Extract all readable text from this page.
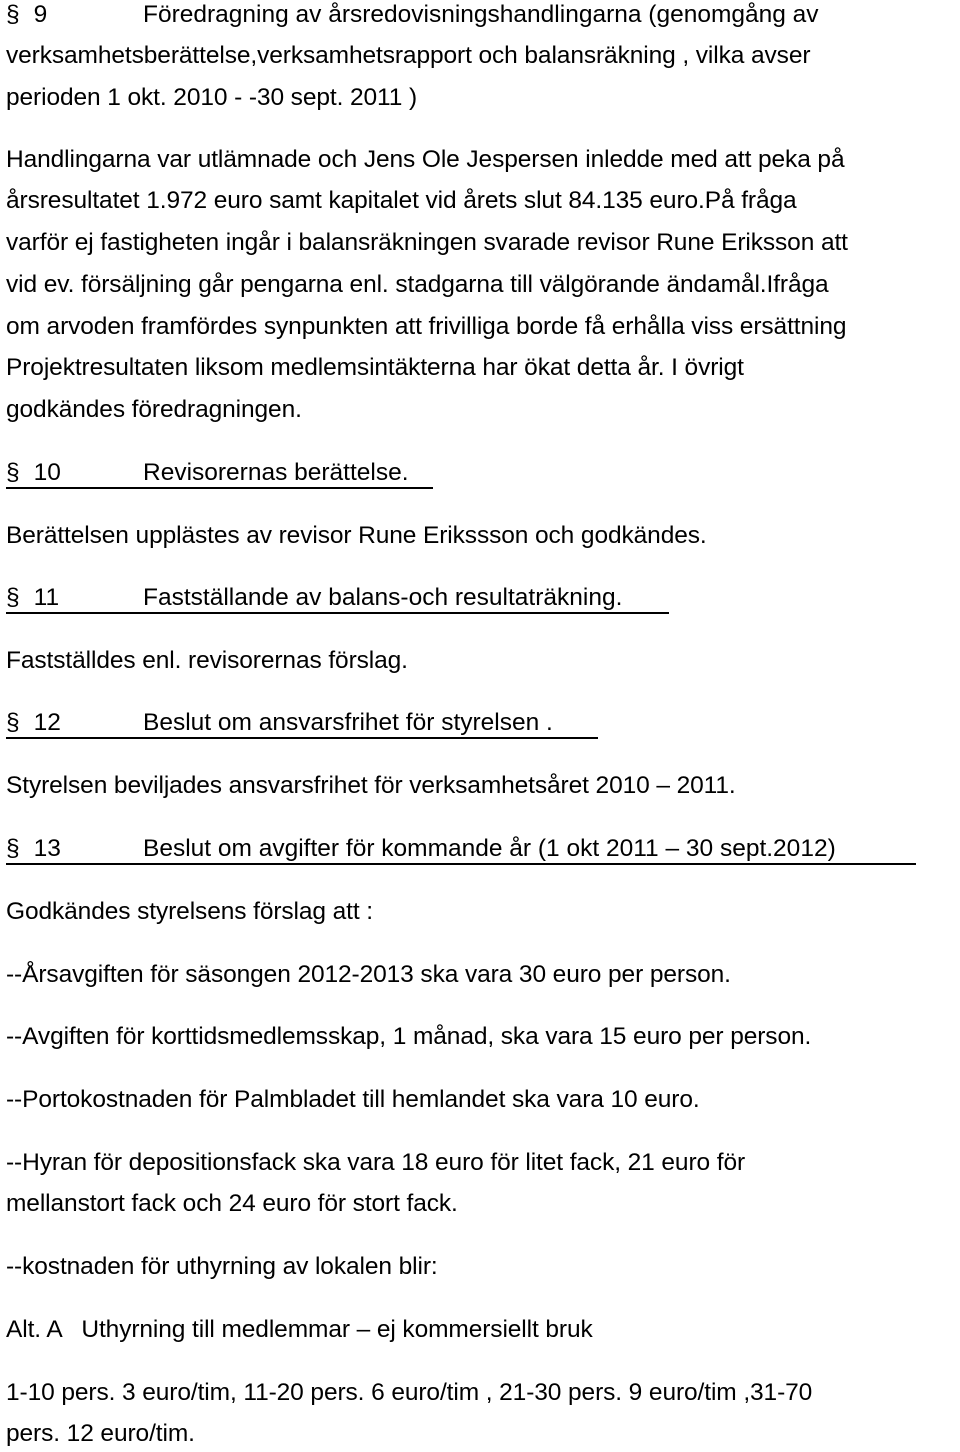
§ 9	Föredragning av årsredovisningshandlingarna (genomgång av
verksamhetsberättelse,verksamhetsrapport och balansräkning , vilka avser
perioden 1 okt. 2010 - -30 sept. 2011 )
Handlingarna var utlämnade och Jens Ole Jespersen inledde med att peka på
årsresultatet 1.972 euro samt kapitalet vid årets slut 84.135 euro.På fråga
varför ej fastigheten ingår i balansräkningen svarade revisor Rune Eriksson att
vid ev. försäljning går pengarna enl. stadgarna till välgörande ändamål.Ifråga
om arvoden framfördes synpunkten att frivilliga borde få erhålla viss ersättning
Projektresultaten liksom medlemsintäkterna har ökat detta år. I övrigt
godkändes föredragningen.
§ 10	Revisorernas berättelse.
Berättelsen upplästes av revisor Rune Erikssson och godkändes.
§ 11	Fastställande av balans-och resultaträkning.
Fastställdes enl. revisorernas förslag.
§ 12	Beslut om ansvarsfrihet för styrelsen .
Styrelsen beviljades ansvarsfrihet för verksamhetsåret 2010 – 2011.
§ 13	Beslut om avgifter för kommande år (1 okt 2011 – 30 sept.2012)
Godkändes styrelsens förslag att :
--Årsavgiften för säsongen 2012-2013 ska vara 30 euro per person.
--Avgiften för korttidsmedlemsskap, 1 månad, ska vara 15 euro per person.
--Portokostnaden för Palmbladet till hemlandet ska vara 10 euro.
--Hyran för depositionsfack ska vara 18 euro för litet fack, 21 euro för
mellanstort fack och 24 euro för stort fack.
--kostnaden för uthyrning av lokalen blir:
Alt. A   Uthyrning till medlemmar – ej kommersiellt bruk
1-10 pers. 3 euro/tim, 11-20 pers. 6 euro/tim , 21-30 pers. 9 euro/tim ,31-70
pers. 12 euro/tim.
